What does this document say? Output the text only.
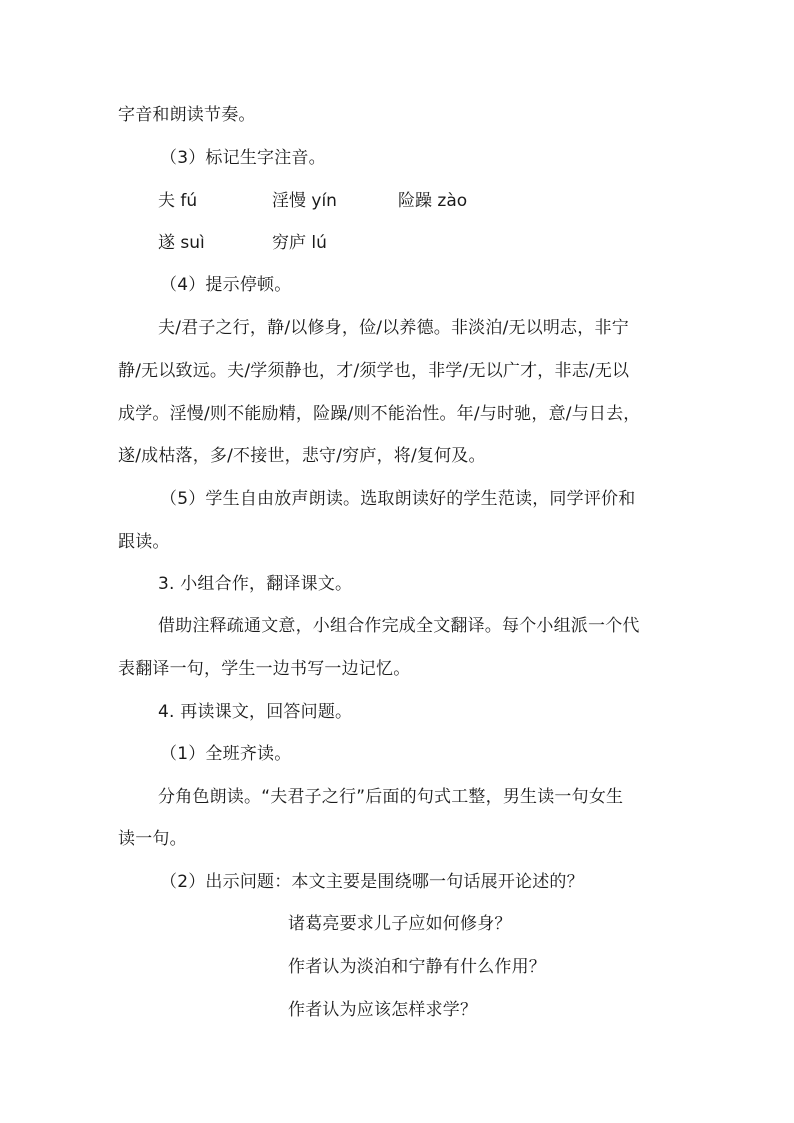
字音和朗读节奏。
（3）标记生字注音。
夫 fú	淫慢 yín	险躁 zào
遂 suì	穷庐 lú
（4）提示停顿。
夫/君子之行，静/以修身，俭/以养德。非淡泊/无以明志，非宁
静/无以致远。夫/学须静也，才/须学也，非学/无以广才，非志/无以
成学。淫慢/则不能励精，险躁/则不能治性。年/与时驰，意/与日去，
遂/成枯落，多/不接世，悲守/穷庐，将/复何及。
（5）学生自由放声朗读。选取朗读好的学生范读，同学评价和
跟读。
3. 小组合作，翻译课文。
借助注释疏通文意，小组合作完成全文翻译。每个小组派一个代
表翻译一句，学生一边书写一边记忆。
4. 再读课文，回答问题。
（1）全班齐读。
分角色朗读。“夫君子之行”后面的句式工整，男生读一句女生
读一句。
（2）出示问题：本文主要是围绕哪一句话展开论述的？
诸葛亮要求儿子应如何修身？
作者认为淡泊和宁静有什么作用？
作者认为应该怎样求学？
